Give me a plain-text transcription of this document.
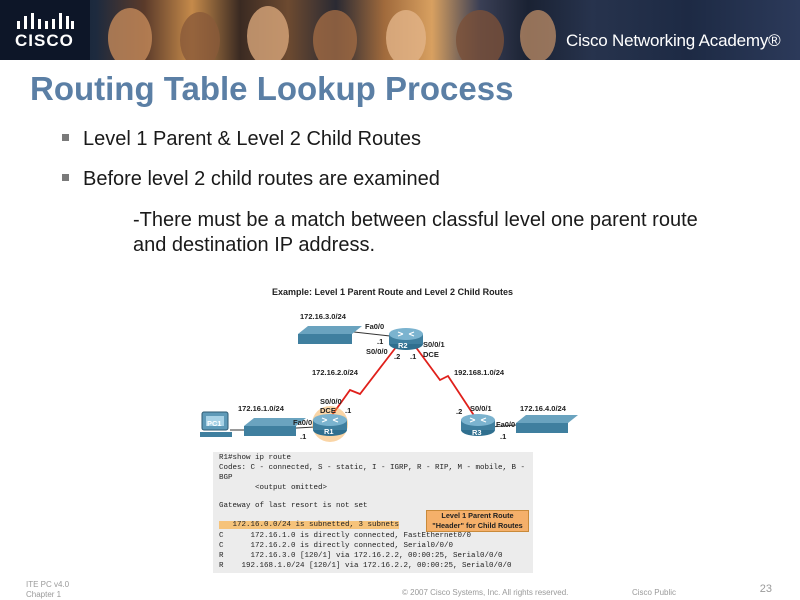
CISCO	Cisco Networking Academy®
Routing Table Lookup Process
Level 1 Parent & Level 2 Child Routes
Before level 2 child routes are examined

-There must be a match between classful level one parent route and destination IP address.

Example: Level 1 Parent Route and Level 2 Child Routes
172.16.3.0/24
Fa0/0
.1 R2
S0/0/0
.2 .1
S0/0/1
DCE
172.16.2.0/24	192.168.1.0/24
172.16.1.0/24
S0/0/0
DCE .1
Fa0/0
.1
R1
PC1
.2 S0/0/1	172.16.4.0/24
Fa0/0
.1
R3
R1#show ip route
Codes: C - connected, S - static, I - IGRP, R - RIP, M - mobile, B -
BGP
<output omitted>
Gateway of last resort is not set
172.16.0.0/24 is subnetted, 3 subnets
C      172.16.1.0 is directly connected, FastEthernet0/0
C      172.16.2.0 is directly connected, Serial0/0/0
R      172.16.3.0 [120/1] via 172.16.2.2, 00:00:25, Serial0/0/0
R    192.168.1.0/24 [120/1] via 172.16.2.2, 00:00:25, Serial0/0/0
Level 1 Parent Route
"Header" for Child Routes
ITE PC v4.0
Chapter 1	© 2007 Cisco Systems, Inc. All rights reserved.	Cisco Public	23
